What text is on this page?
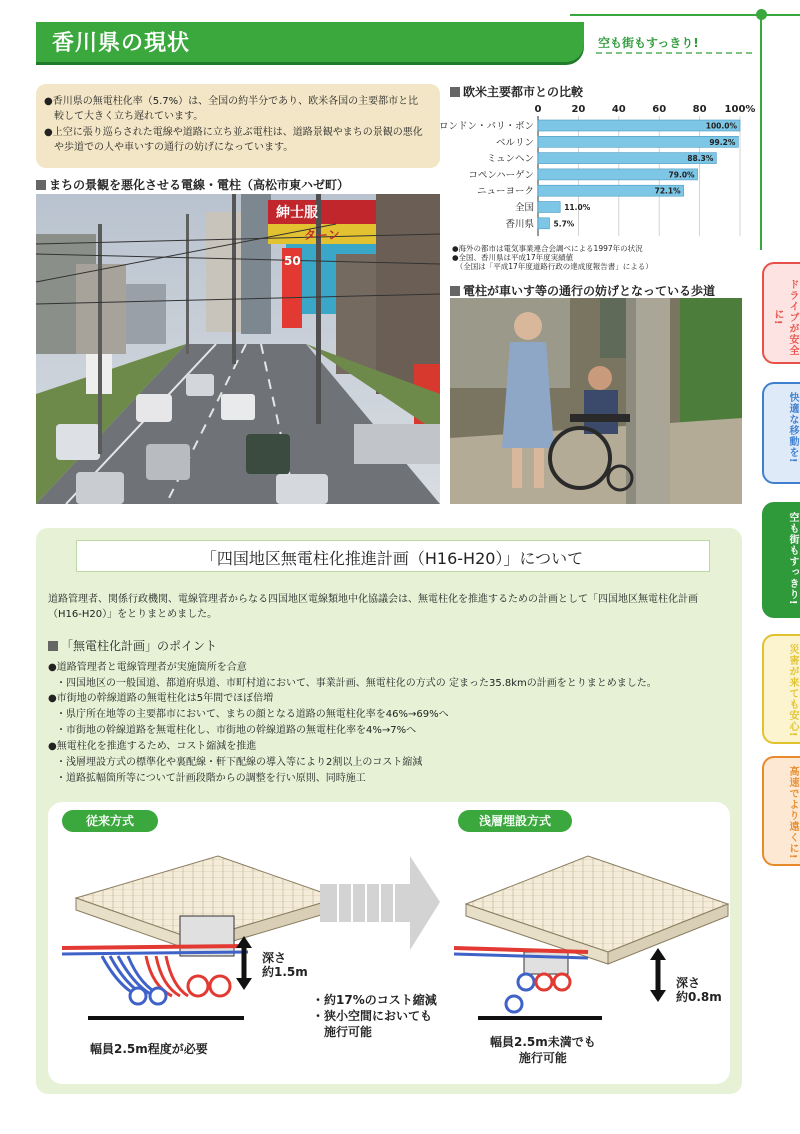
香川県の現状	空も街もすっきり!
●香川県の無電柱化率（5.7%）は、全国の約半分であり、欧米各国の主要都市と比
　較して大きく立ち遅れています。
●上空に張り巡らされた電線や道路に立ち並ぶ電柱は、道路景観やまちの景観の悪化
　や歩道での人や車いすの通行の妨げになっています。
まちの景観を悪化させる電線・電柱（高松市東ハゼ町）
紳士服
ターン
50
欧米主要都市との比較
0	20	40	60	80 100%
ロンドン・パリ・ボン	100.0%
ベルリン	99.2%
ミュンヘン	88.3%
コペンハーゲン	79.0%
ニューヨーク	72.1%
全国	11.0%
香川県	5.7%
●海外の都市は電気事業連合会調べによる1997年の状況
●全国、香川県は平成17年度実績値
　（全国は「平成17年度道路行政の達成度報告書」による）
電柱が車いす等の通行の妨げとなっている歩道	ドライブが安全に!
快適な移動を!
空も街もすっきり!
災害が来ても安心!
高速でより遠くに!
「四国地区無電柱化推進計画（H16-H20）」について
道路管理者、関係行政機関、電線管理者からなる四国地区電線類地中化協議会は、無電柱化を推進するための計画として「四国地区無電柱化計画
（H16-H20）」をとりまとめました。
「無電柱化計画」のポイント
●道路管理者と電線管理者が実施箇所を合意
・四国地区の一般国道、都道府県道、市町村道において、事業計画、無電柱化の方式の 定まった35.8kmの計画をとりまとめました。
●市街地の幹線道路の無電柱化は5年間でほぼ倍増
・県庁所在地等の主要都市において、まちの顔となる道路の無電柱化率を46%→69%へ
・市街地の幹線道路を無電柱化し、市街地の幹線道路の無電柱化率を4%→7%へ
●無電柱化を推進するため、コスト縮減を推進
・浅層埋設方式の標準化や裏配線・軒下配線の導入等により2割以上のコスト縮減
・道路拡幅箇所等について計画段階からの調整を行い原則、同時施工
従来方式	浅層埋設方式
深さ
約1.5m
深さ
約0.8m
・約17%のコスト縮減
・狭小空間においても
　施行可能
幅員2.5m程度が必要	幅員2.5m未満でも
施行可能
